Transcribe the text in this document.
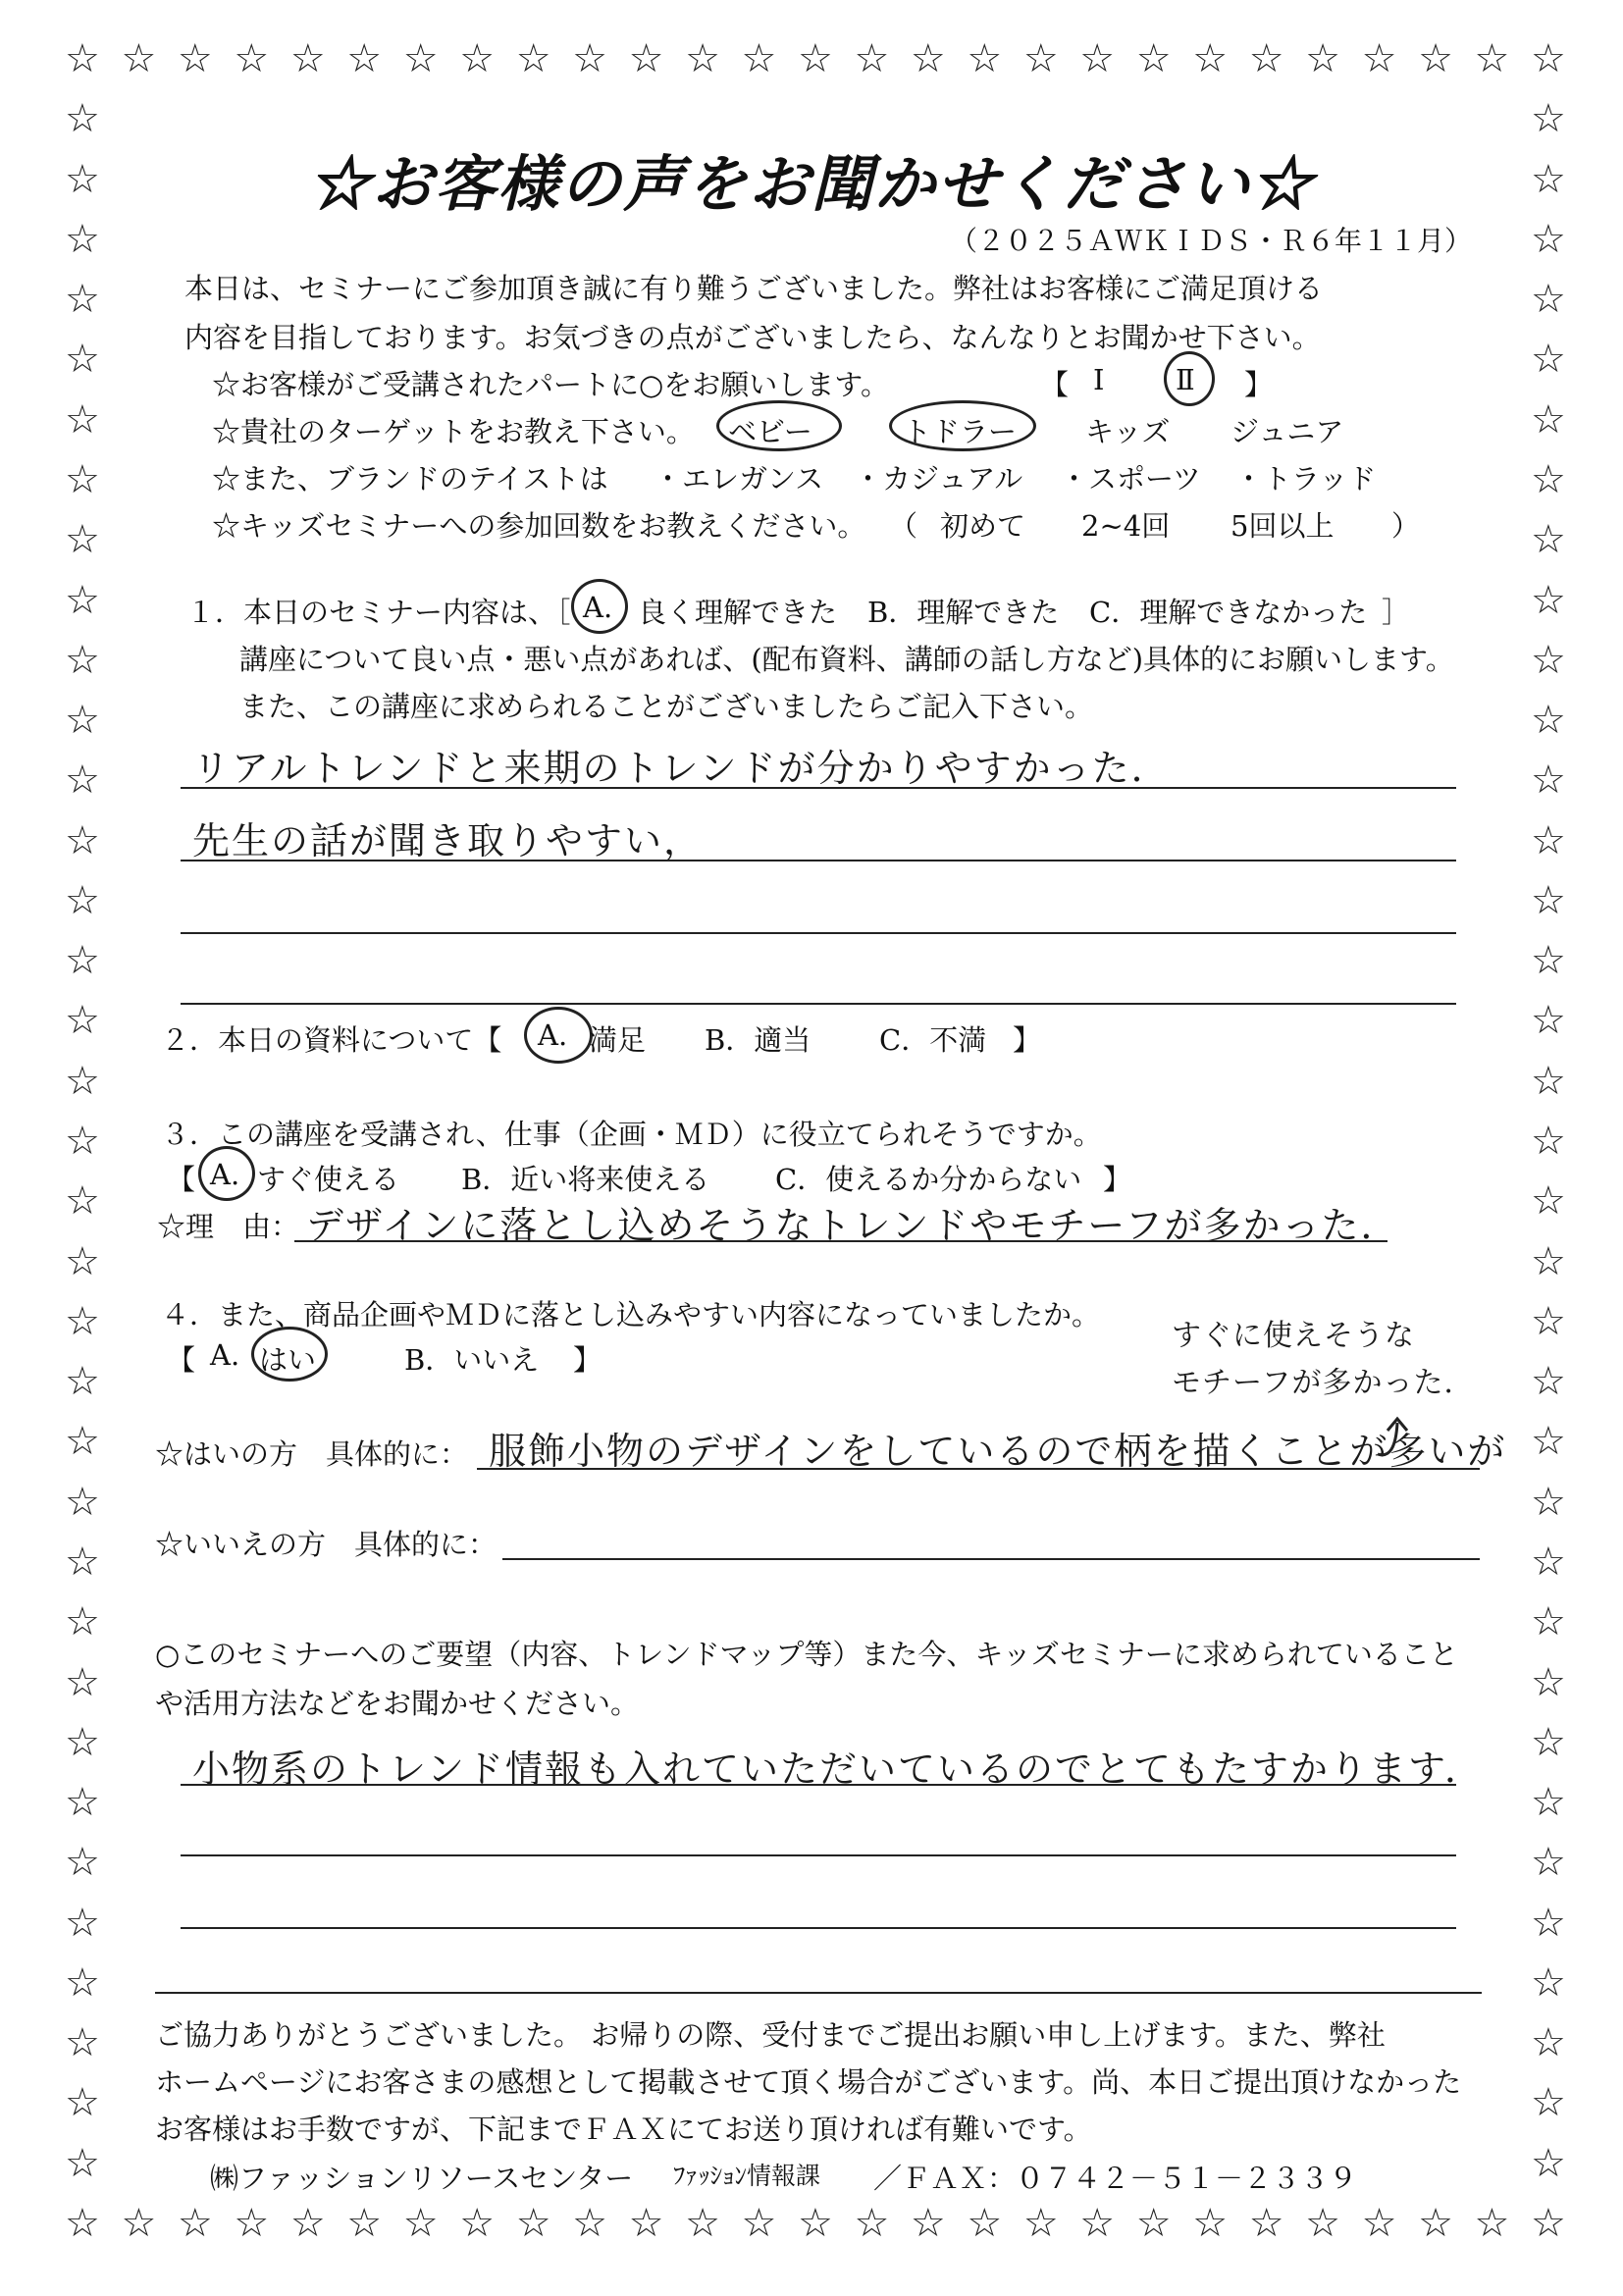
☆
☆
☆
☆
☆
☆
☆
☆
☆
☆
☆
☆
☆
☆
☆
☆
☆
☆
☆
☆
☆
☆
☆
☆
☆
☆
☆
☆
☆
☆
☆
☆
☆
☆
☆
☆
☆
☆
☆
☆
☆
☆
☆
☆
☆
☆
☆
☆
☆
☆
☆
☆
☆
☆
☆	☆
☆	☆
☆	☆
☆	☆
☆	☆
☆	☆
☆	☆
☆	☆
☆	☆
☆	☆
☆	☆
☆	☆
☆	☆
☆	☆
☆	☆
☆	☆
☆	☆
☆	☆
☆	☆
☆	☆
☆	☆
☆	☆
☆	☆
☆	☆
☆	☆
☆	☆
☆	☆
☆	☆
☆	☆
☆	☆
☆	☆
☆	☆
☆	☆
☆	☆
☆	☆
☆お客様の声をお聞かせください☆
（２０２５ＡＷＫＩＤＳ・Ｒ６年１１月）
本日は、セミナーにご参加頂き誠に有り難うございました。弊社はお客様にご満足頂ける
内容を目指しております。お気づきの点がございましたら、なんなりとお聞かせ下さい。
☆お客様がご受講されたパートに○をお願いします。	【 Ⅰ	Ⅱ 】
☆貴社のターゲットをお教え下さい。 ベビー	トドラー キッズ ジュニア
☆また、ブランドのテイストは ・エレガンス ・カジュアル ・スポーツ ・トラッド
☆キッズセミナーへの参加回数をお教えください。 （ 初めて 2~4回 5回以上 ）
１．本日のセミナー内容は、［ A. 良く理解できた B．理解できた C．理解できなかった ］
講座について良い点・悪い点があれば、(配布資料、講師の話し方など)具体的にお願いします。
また、この講座に求められることがございましたらご記入下さい。
リアルトレンドと来期のトレンドが分かりやすかった．
先生の話が聞き取りやすい，
２．本日の資料について【 A. 満足 B．適当 C．不満 】
３．この講座を受講され、仕事（企画・ＭＤ）に役立てられそうですか。
【 A. すぐ使える B．近い将来使える C．使えるか分からない 】
☆理　由： デザインに落とし込めそうなトレンドやモチーフが多かった．
４．また、商品企画やＭＤに落とし込みやすい内容になっていましたか。
【 A. はい	B．いいえ 】
すぐに使えそうな
モチーフが多かった．
☆はいの方　具体的に： 服飾小物のデザインをしているので柄を描くことが多いが
☆いいえの方　具体的に：
○このセミナーへのご要望（内容、トレンドマップ等）また今、キッズセミナーに求められていること
や活用方法などをお聞かせください。
小物系のトレンド情報も入れていただいているのでとてもたすかります．
ご協力ありがとうございました。 お帰りの際、受付までご提出お願い申し上げます。また、弊社
ホームページにお客さまの感想として掲載させて頂く場合がございます。尚、本日ご提出頂けなかった
お客様はお手数ですが、下記までＦＡＸにてお送り頂ければ有難いです。
㈱ファッションリソースセンター ﾌｧｯｼｮﾝ情報課 ／ＦＡＸ：０７４２－５１－２３３９
